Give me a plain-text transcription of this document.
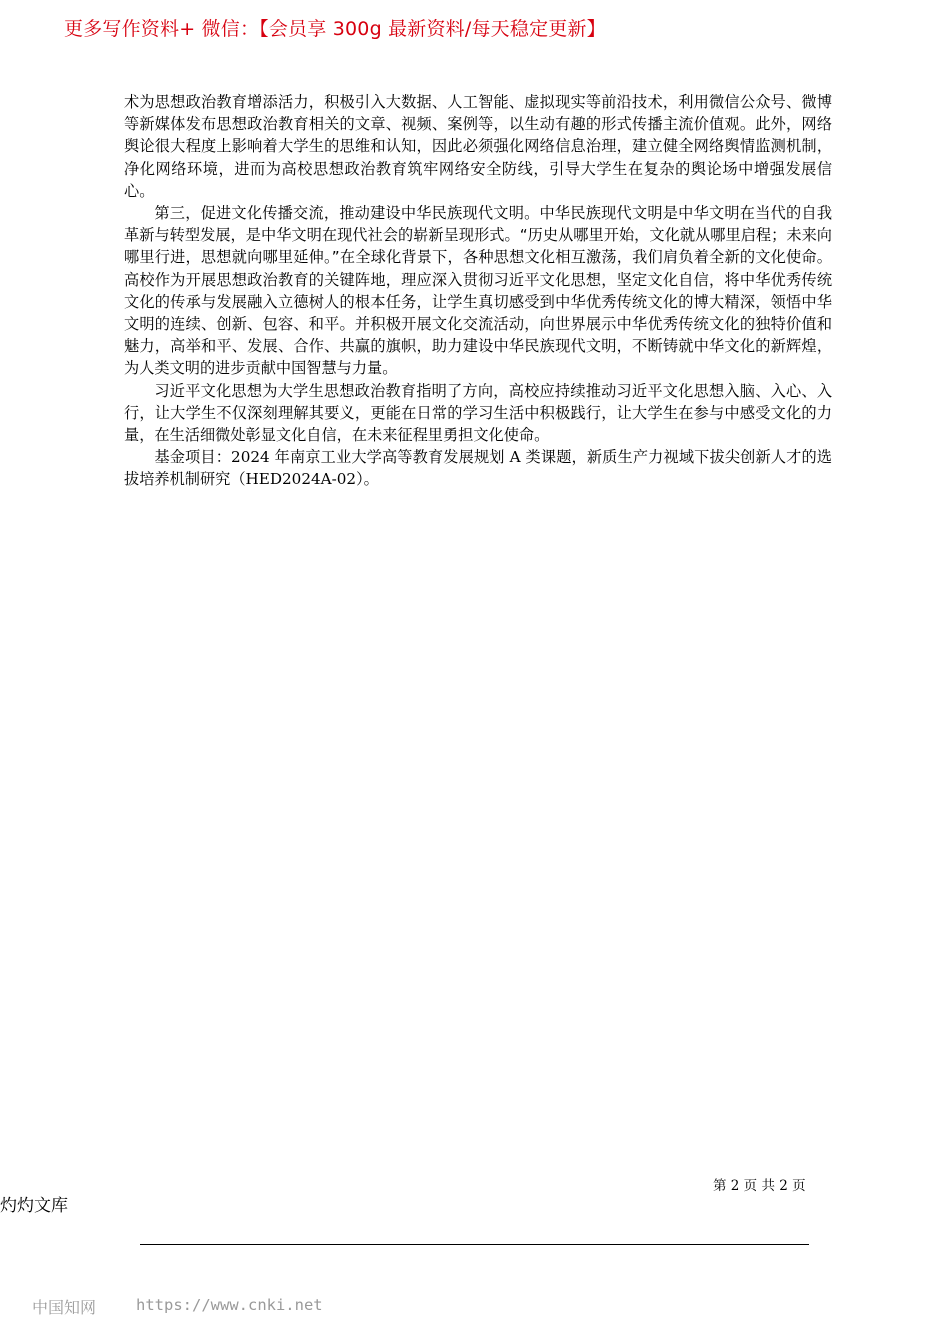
更多写作资料+ 微信：【会员享 300g 最新资料/每天稳定更新】

术为思想政治教育增添活力，积极引入大数据、人工智能、虚拟现实等前沿技术，利用微信公众号、微博等新媒体发布思想政治教育相关的文章、视频、案例等，以生动有趣的形式传播主流价值观。此外，网络舆论很大程度上影响着大学生的思维和认知，因此必须强化网络信息治理，建立健全网络舆情监测机制，净化网络环境，进而为高校思想政治教育筑牢网络安全防线，引导大学生在复杂的舆论场中增强发展信心。

第三，促进文化传播交流，推动建设中华民族现代文明。中华民族现代文明是中华文明在当代的自我革新与转型发展，是中华文明在现代社会的崭新呈现形式。“历史从哪里开始，文化就从哪里启程；未来向哪里行进，思想就向哪里延伸。”在全球化背景下，各种思想文化相互激荡，我们肩负着全新的文化使命。高校作为开展思想政治教育的关键阵地，理应深入贯彻习近平文化思想，坚定文化自信，将中华优秀传统文化的传承与发展融入立德树人的根本任务，让学生真切感受到中华优秀传统文化的博大精深，领悟中华文明的连续、创新、包容、和平。并积极开展文化交流活动，向世界展示中华优秀传统文化的独特价值和魅力，高举和平、发展、合作、共赢的旗帜，助力建设中华民族现代文明，不断铸就中华文化的新辉煌，为人类文明的进步贡献中国智慧与力量。

习近平文化思想为大学生思想政治教育指明了方向，高校应持续推动习近平文化思想入脑、入心、入行，让大学生不仅深刻理解其要义，更能在日常的学习生活中积极践行，让大学生在参与中感受文化的力量，在生活细微处彰显文化自信，在未来征程里勇担文化使命。

基金项目：2024 年南京工业大学高等教育发展规划 A 类课题，新质生产力视域下拔尖创新人才的选拔培养机制研究（HED2024A-02）。

第 2 页 共 2 页
灼灼文库
中国知网	https://www.cnki.net
